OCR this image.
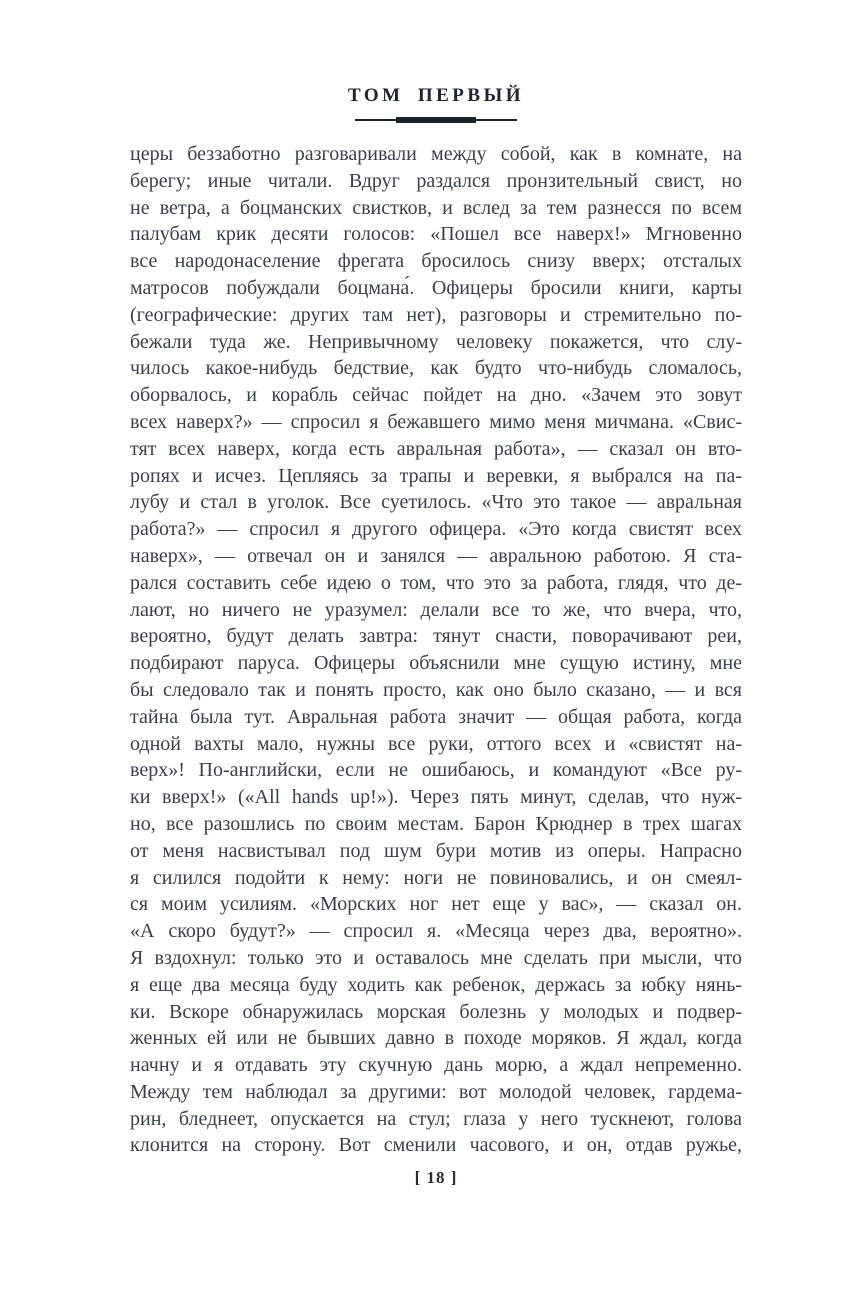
ТОМ ПЕРВЫЙ
церы беззаботно разговаривали между собой, как в комнате, на
берегу; иные читали. Вдруг раздался пронзительный свист, но
не ветра, а боцманских свистков, и вслед за тем разнесся по всем
палубам крик десяти голосов: «Пошел все наверх!» Мгновенно
все народонаселение фрегата бросилось снизу вверх; отсталых
матросов побуждали боцмана́. Офицеры бросили книги, карты
(географические: других там нет), разговоры и стремительно по-
бежали туда же. Непривычному человеку покажется, что слу-
чилось какое-нибудь бедствие, как будто что-нибудь сломалось,
оборвалось, и корабль сейчас пойдет на дно. «Зачем это зовут
всех наверх?» — спросил я бежавшего мимо меня мичмана. «Свис-
тят всех наверх, когда есть авральная работа», — сказал он вто-
ропях и исчез. Цепляясь за трапы и веревки, я выбрался на па-
лубу и стал в уголок. Все суетилось. «Что это такое — авральная
работа?» — спросил я другого офицера. «Это когда свистят всех
наверх», — отвечал он и занялся — авральною работою. Я ста-
рался составить себе идею о том, что это за работа, глядя, что де-
лают, но ничего не уразумел: делали все то же, что вчера, что,
вероятно, будут делать завтра: тянут снасти, поворачивают реи,
подбирают паруса. Офицеры объяснили мне сущую истину, мне
бы следовало так и понять просто, как оно было сказано, — и вся
тайна была тут. Авральная работа значит — общая работа, когда
одной вахты мало, нужны все руки, оттого всех и «свистят на-
верх»! По-английски, если не ошибаюсь, и командуют «Все ру-
ки вверх!» («All hands up!»). Через пять минут, сделав, что нуж-
но, все разошлись по своим местам. Барон Крюднер в трех шагах
от меня насвистывал под шум бури мотив из оперы. Напрасно
я силился подойти к нему: ноги не повиновались, и он смеял-
ся моим усилиям. «Морских ног нет еще у вас», — сказал он.
«А скоро будут?» — спросил я. «Месяца через два, вероятно».
Я вздохнул: только это и оставалось мне сделать при мысли, что
я еще два месяца буду ходить как ребенок, держась за юбку нянь-
ки. Вскоре обнаружилась морская болезнь у молодых и подвер-
женных ей или не бывших давно в походе моряков. Я ждал, когда
начну и я отдавать эту скучную дань морю, а ждал непременно.
Между тем наблюдал за другими: вот молодой человек, гардема-
рин, бледнеет, опускается на стул; глаза у него тускнеют, голова
клонится на сторону. Вот сменили часового, и он, отдав ружье,
[ 18 ]
